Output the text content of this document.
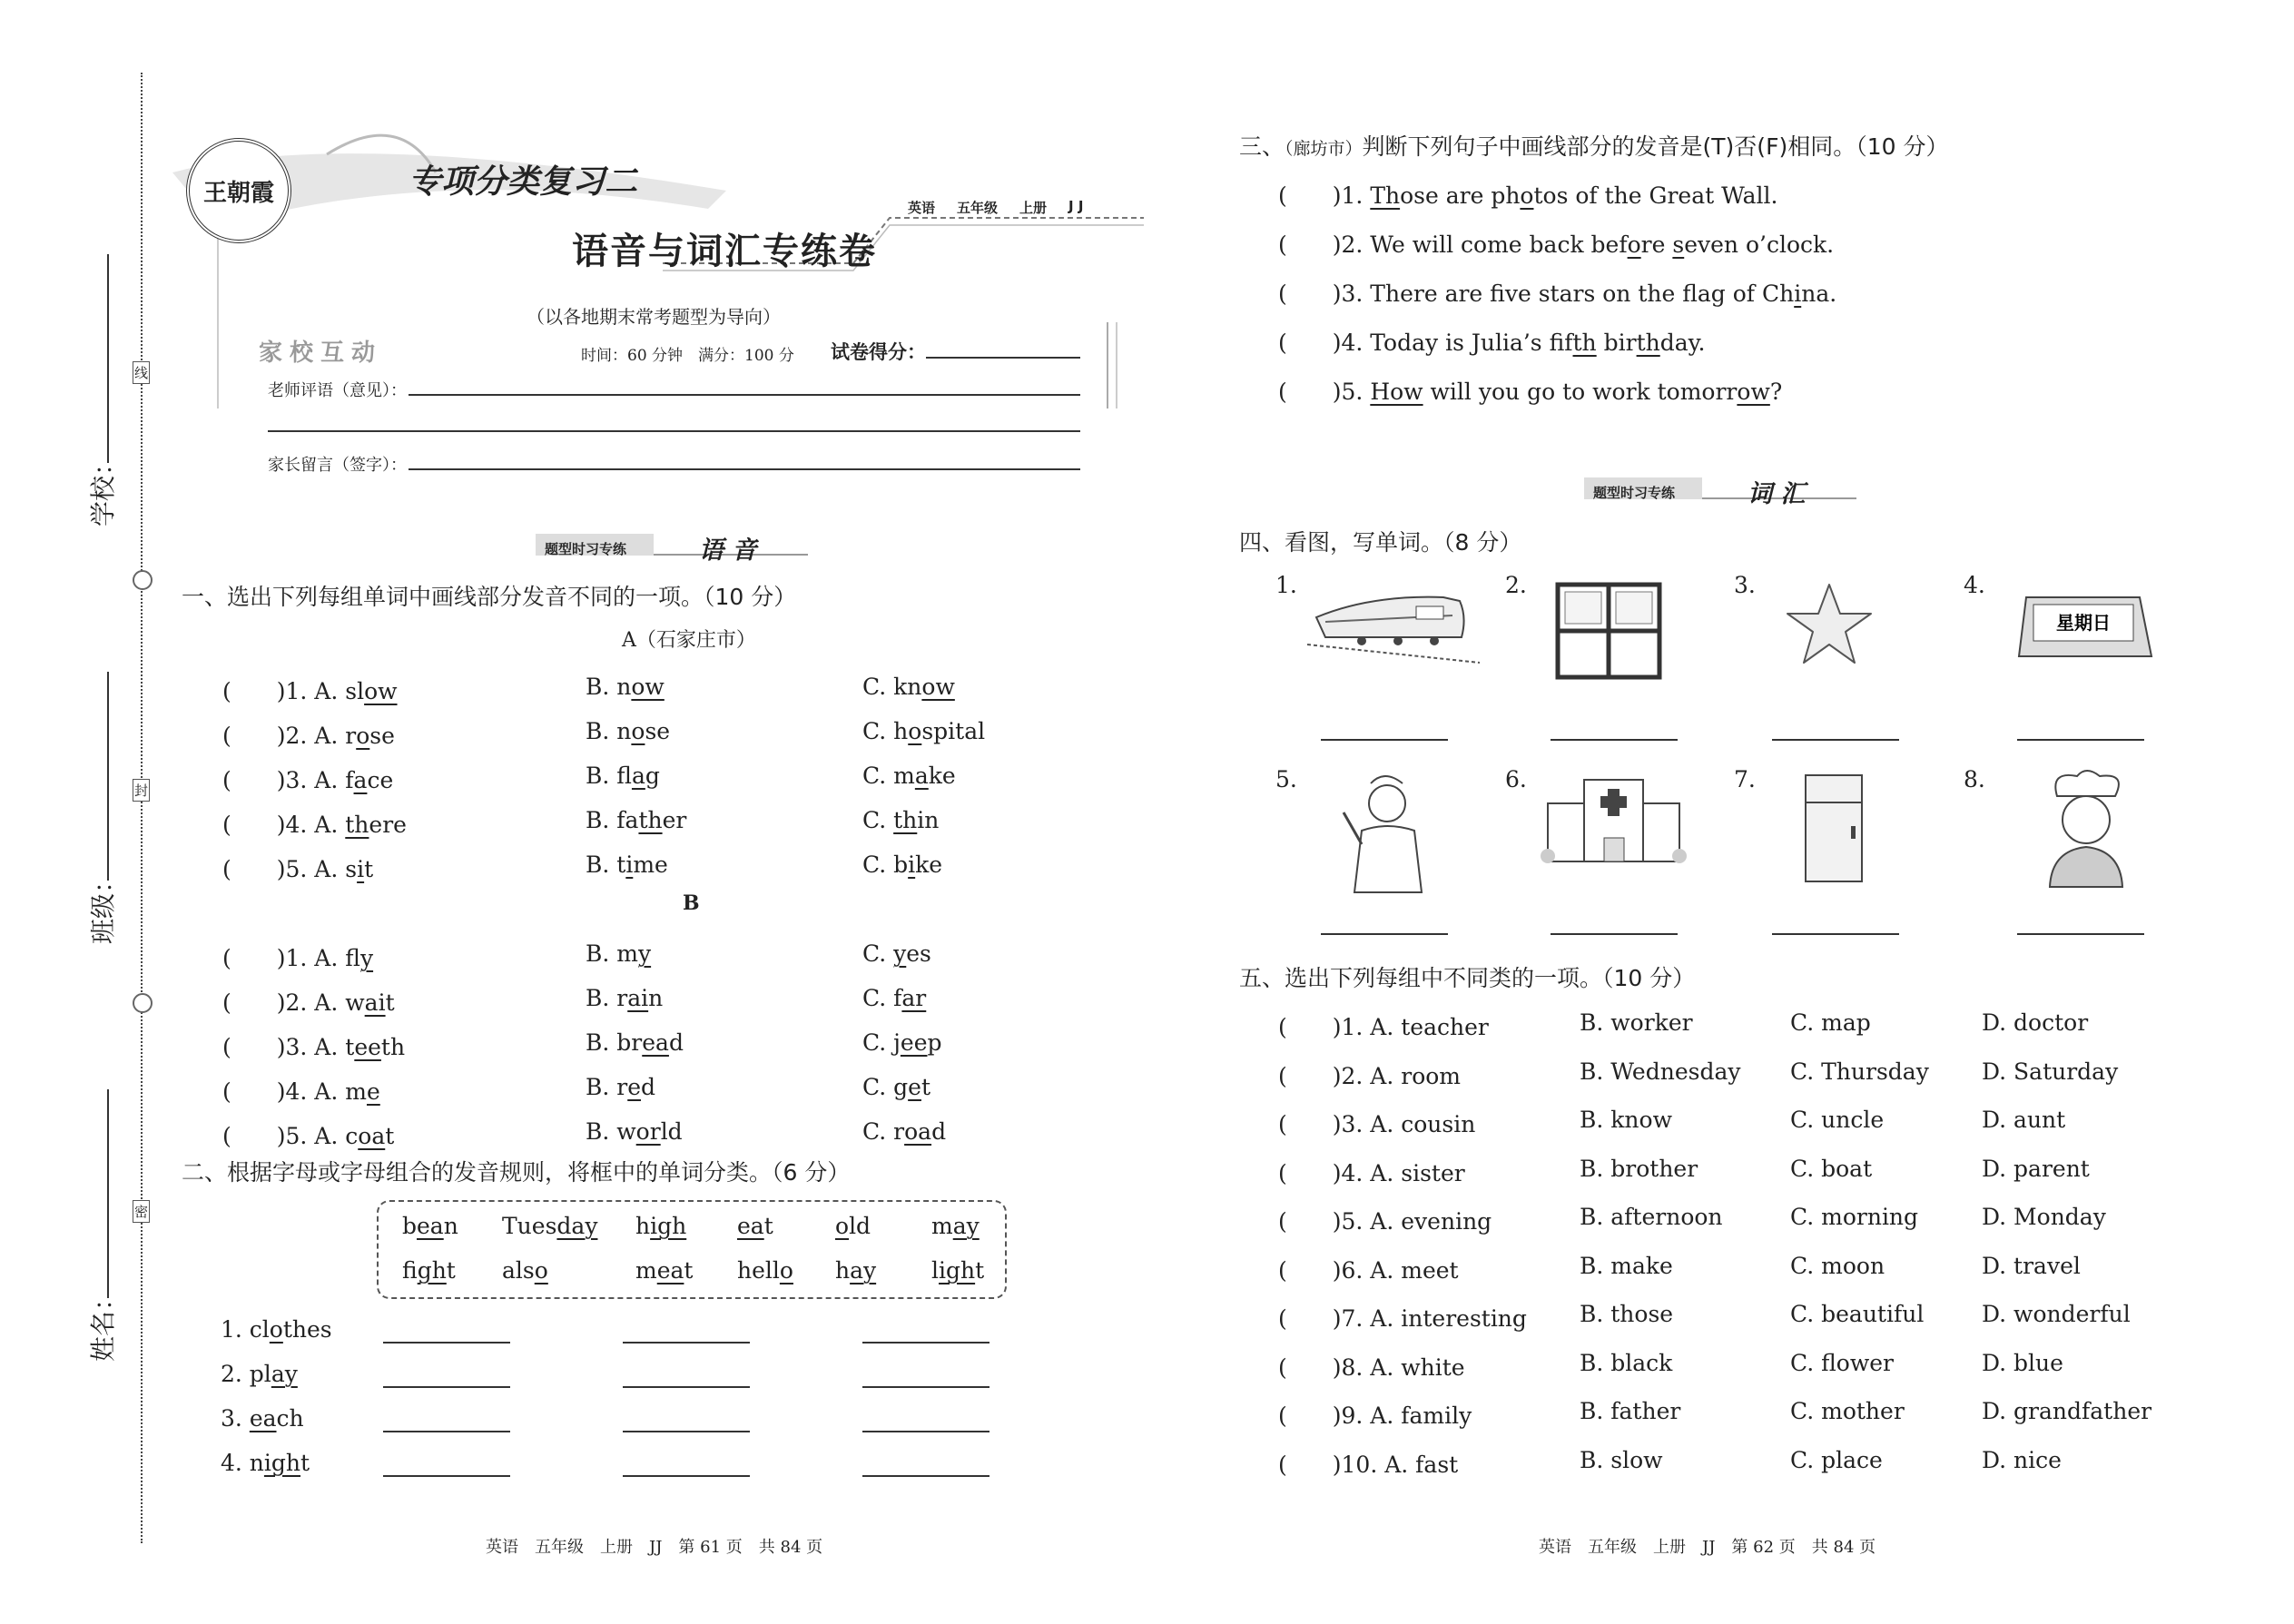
学校：
班级：
姓名：
线
封
密
王朝霞	专项分类复习二
语音与词汇专练卷
英语 五年级 上册 J J
（以各地期末常考题型为导向）
家校互动	时间：60 分钟　满分：100 分 试卷得分：
老师评语（意见）：
家长留言（签字）：
题型时习专练	语 音
一、选出下列每组单词中画线部分发音不同的一项。（10 分）
A（石家庄市）
(　　)1. A. slow	B. now	C. know
(　　)2. A. rose	B. nose	C. hospital
(　　)3. A. face	B. flag	C. make
(　　)4. A. there	B. father	C. thin
(　　)5. A. sit	B. time	C. bike
B
(　　)1. A. fly	B. my	C. yes
(　　)2. A. wait	B. rain	C. far
(　　)3. A. teeth	B. bread	C. jeep
(　　)4. A. me	B. red	C. get
(　　)5. A. coat	B. world	C. road
二、根据字母或字母组合的发音规则，将框中的单词分类。（6 分）
bean Tuesday high eat	old	may
fight also	meat hello hay light
1. clothes
2. play
3. each
4. night
三、（廊坊市）判断下列句子中画线部分的发音是(T)否(F)相同。（10 分）
(　　)1. Those are photos of the Great Wall.
(　　)2. We will come back before seven o’clock.
(　　)3. There are fve stars on the flag of China.
(　　)4. Today is Julia’s fifth birthday.
(　　)5. How will you go to work tomorrow?
题型时习专练	词 汇
四、看图，写单词。（8 分）
1.	2.	3.	4.
5.	6.	7.	8.
星期日
五、选出下列每组中不同类的一项。（10 分）
(　　)1. A. teacher	B. worker	C. map	D. doctor
(　　)2. A. room	B. Wednesday C. Thursday D. Saturday
(　　)3. A. cousin	B. know	C. uncle	D. aunt
(　　)4. A. sister	B. brother	C. boat	D. parent
(　　)5. A. evening	B. afternoon	C. morning	D. Monday
(　　)6. A. meet	B. make	C. moon	D. travel
(　　)7. A. interesting B. those	C. beautiful	D. wonderful
(　　)8. A. white	B. black	C. flower	D. blue
(　　)9. A. family	B. father	C. mother	D. grandfather
(　　)10. A. fast	B. slow	C. place	D. nice
英语　五年级　上册　JJ　第 61 页　共 84 页	英语　五年级　上册　JJ　第 62 页　共 84 页
